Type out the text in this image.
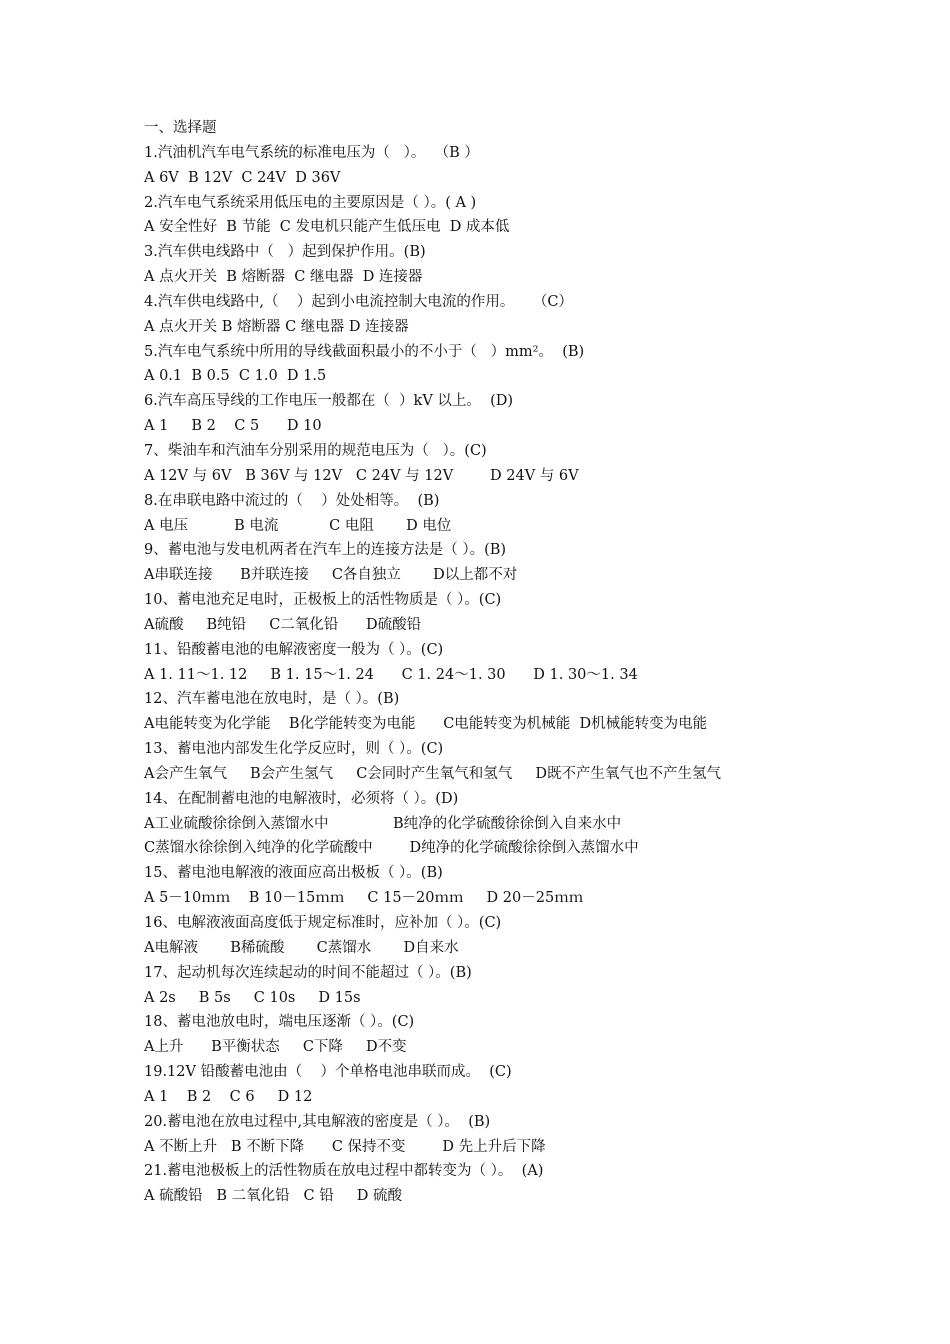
一、选择题
1.汽油机汽车电气系统的标准电压为（   ）。  （B ）
A 6V  B 12V  C 24V  D 36V
2.汽车电气系统采用低压电的主要原因是（ ）。( A )
A 安全性好  B 节能  C 发电机只能产生低压电  D 成本低
3.汽车供电线路中（   ）起到保护作用。(B)
A 点火开关  B 熔断器  C 继电器  D 连接器
4.汽车供电线路中,（    ）起到小电流控制大电流的作用。    （C）
A 点火开关 B 熔断器 C 继电器 D 连接器
5.汽车电气系统中所用的导线截面积最小的不小于（   ）mm²。  (B)
A 0.1  B 0.5  C 1.0  D 1.5
6.汽车高压导线的工作电压一般都在（  ）kV 以上。  (D)
A 1     B 2    C 5      D 10
7、柴油车和汽油车分别采用的规范电压为（   ）。(C)
A 12V 与 6V   B 36V 与 12V   C 24V 与 12V        D 24V 与 6V
8.在串联电路中流过的（    ）处处相等。  (B)
A 电压          B 电流           C 电阻       D 电位
9、蓄电池与发电机两者在汽车上的连接方法是（ ）。(B)
A串联连接      B并联连接     C各自独立       D以上都不对
10、蓄电池充足电时，正极板上的活性物质是（ ）。(C)
A硫酸     B纯铅     C二氧化铅      D硫酸铅
11、铅酸蓄电池的电解液密度一般为（ ）。(C)
A 1. 11～1. 12     B 1. 15～1. 24      C 1. 24～1. 30      D 1. 30～1. 34
12、汽车蓄电池在放电时，是（ ）。(B)
A电能转变为化学能    B化学能转变为电能      C电能转变为机械能  D机械能转变为电能
13、蓄电池内部发生化学反应时，则（ ）。(C)
A会产生氧气     B会产生氢气     C会同时产生氧气和氢气     D既不产生氧气也不产生氢气
14、在配制蓄电池的电解液时，必须将（ ）。(D)
A工业硫酸徐徐倒入蒸馏水中              B纯净的化学硫酸徐徐倒入自来水中
C蒸馏水徐徐倒入纯净的化学硫酸中        D纯净的化学硫酸徐徐倒入蒸馏水中
15、蓄电池电解液的液面应高出极板（ ）。(B)
A 5－10ｍｍ    B 10－15ｍｍ     C 15－20ｍｍ     D 20－25ｍｍ
16、电解液液面高度低于规定标准时，应补加（ ）。(C)
A电解液       B稀硫酸       C蒸馏水       D自来水
17、起动机每次连续起动的时间不能超过（ ）。(B)
A 2s     B 5s     C 10s     D 15s
18、蓄电池放电时，端电压逐渐（ ）。(C)
A上升      B平衡状态     C下降     D不变
19.12V 铅酸蓄电池由（    ）个单格电池串联而成。  (C)
A 1    B 2    C 6     D 12
20.蓄电池在放电过程中,其电解液的密度是（ ）。  (B)
A 不断上升   B 不断下降      C 保持不变        D 先上升后下降
21.蓄电池极板上的活性物质在放电过程中都转变为（ ）。  (A)
A 硫酸铅   B 二氧化铅   C 铅     D 硫酸
